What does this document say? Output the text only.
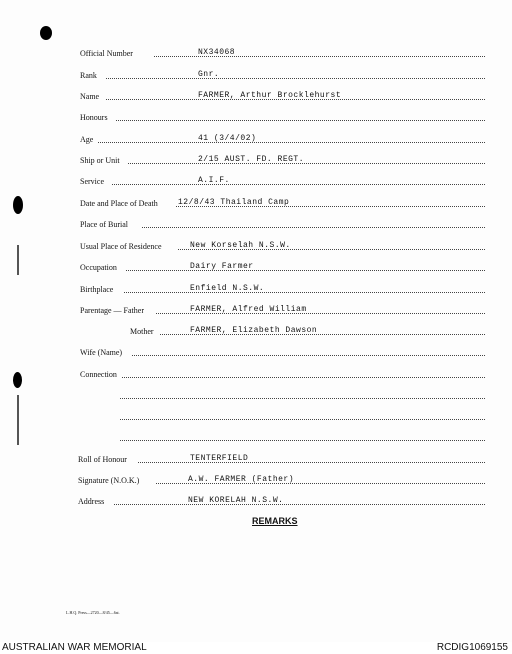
Official Number	NX34068
Rank	Gnr.
Name	FARMER, Arthur Brocklehurst
Honours
Age	41 (3/4/02)
Ship or Unit	2/15 AUST. FD. REGT.
Service	A.I.F.
Date and Place of Death	12/8/43 Thailand Camp
Place of Burial
Usual Place of Residence	New Korselah N.S.W.
Occupation	Dairy Farmer
Birthplace	Enfield N.S.W.
Parentage — Father	FARMER, Alfred William
Mother	FARMER, Elizabeth Dawson
Wife (Name)
Connection
Roll of Honour	TENTERFIELD
Signature (N.O.K.)	A.W. FARMER (Father)
Address	NEW KORELAH N.S.W.
REMARKS
L.H.Q. Press—2720—8/45—6at.
AUSTRALIAN WAR MEMORIAL	RCDIG1069155
